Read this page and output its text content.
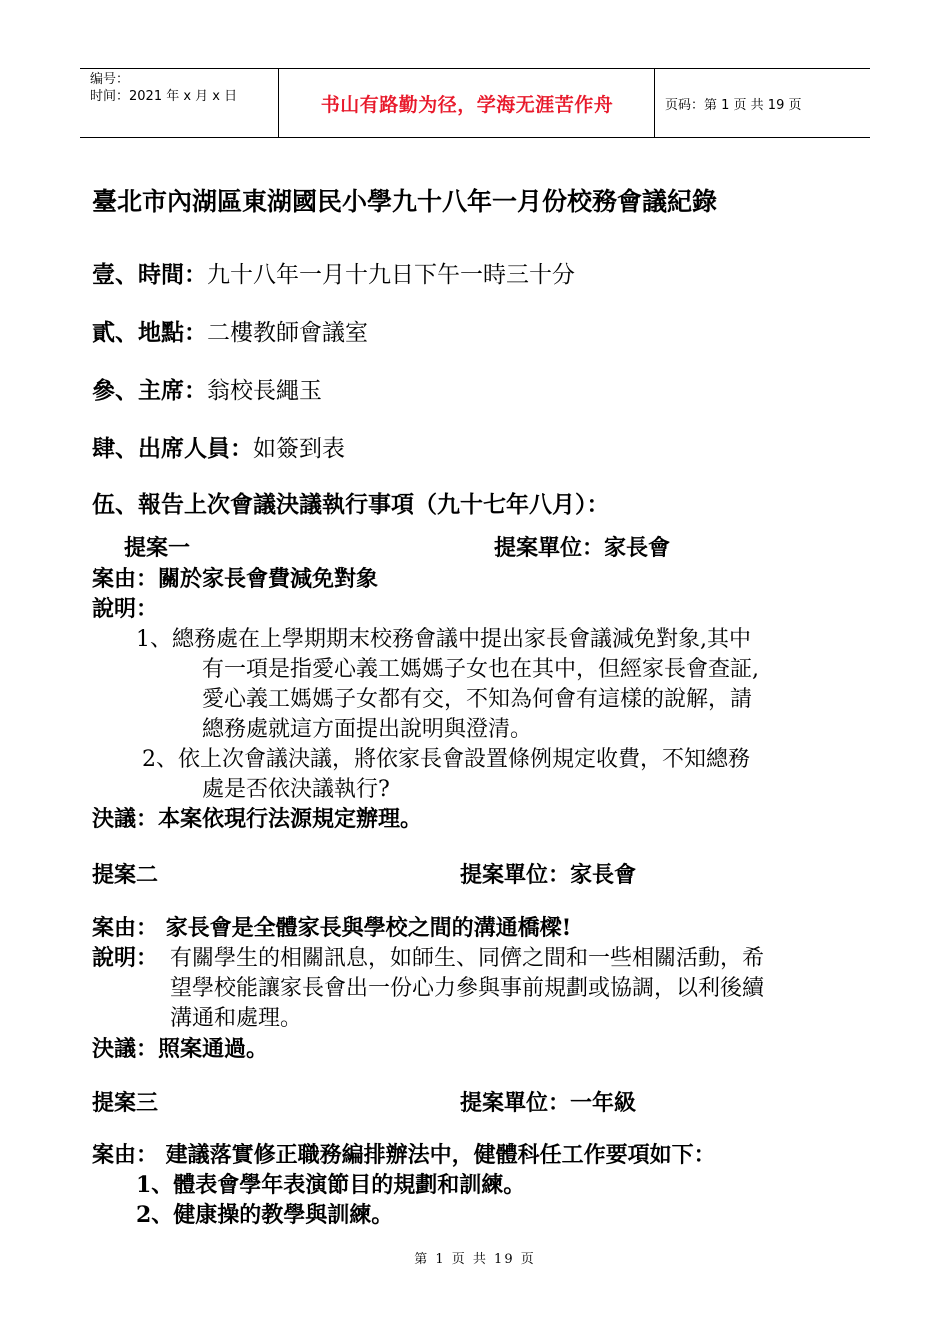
编号：
时间：2021 年 x 月 x 日	书山有路勤为径，学海无涯苦作舟	页码：第 1 页 共 19 页
臺北市內湖區東湖國民小學九十八年一月份校務會議紀錄
壹、時間：九十八年一月十九日下午一時三十分
貳、地點：二樓教師會議室
參、主席：翁校長繩玉
肆、出席人員：如簽到表
伍、報告上次會議決議執行事項（九十七年八月）：
提案一	提案單位：家長會
案由：關於家長會費減免對象
說明：
1、總務處在上學期期末校務會議中提出家長會議減免對象,其中
有一項是指愛心義工媽媽子女也在其中，但經家長會查証,
愛心義工媽媽子女都有交，不知為何會有這樣的說解，請
總務處就這方面提出說明與澄清。
2、依上次會議決議，將依家長會設置條例規定收費，不知總務
處是否依決議執行?
決議：本案依現行法源規定辦理。
提案二	提案單位：家長會
案由： 家長會是全體家長與學校之間的溝通橋樑!
說明： 有關學生的相關訊息，如師生、同儕之間和一些相關活動，希
望學校能讓家長會出一份心力參與事前規劃或協調，以利後續
溝通和處理。
決議：照案通過。
提案三	提案單位：一年級
案由： 建議落實修正職務編排辦法中，健體科任工作要項如下：
1、體表會學年表演節目的規劃和訓練。
2、健康操的教學與訓練。
第 1 页 共 19 页
